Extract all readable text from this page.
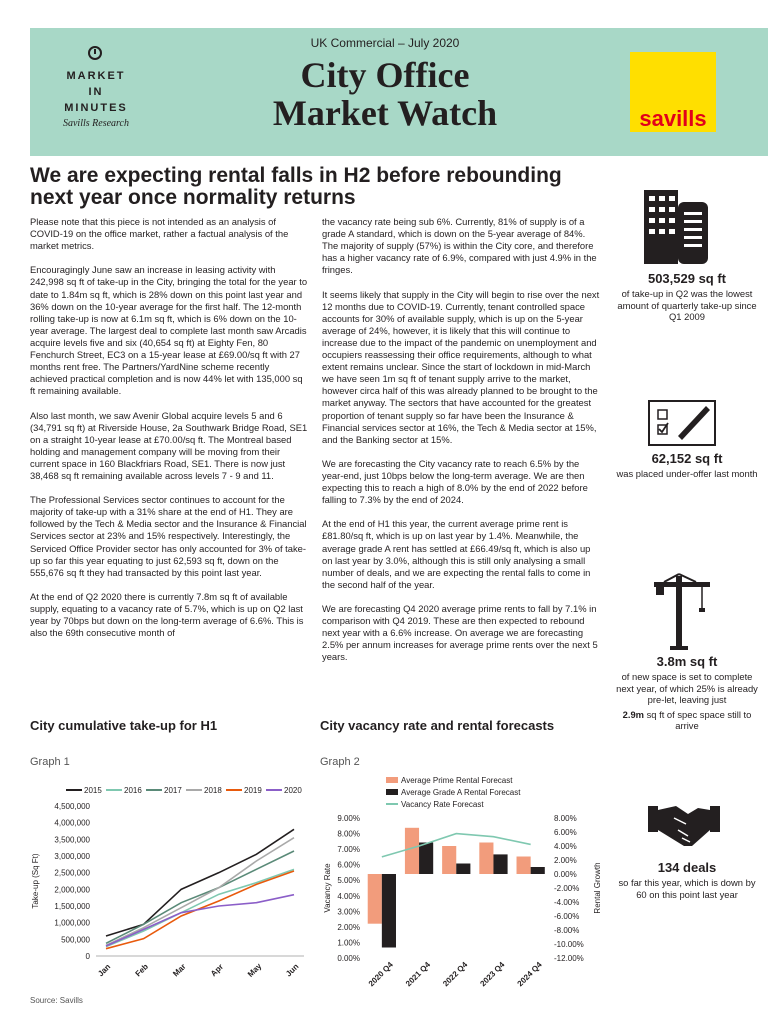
MARKET
IN
MINUTES
Savills Research
UK Commercial – July 2020
City Office
Market Watch	savills
We are expecting rental falls in H2 before rebounding next year once normality returns

Please note that this piece is not intended as an analysis of COVID-19 on the office market, rather a factual analysis of the market metrics.

Encouragingly June saw an increase in leasing activity with 242,998 sq ft of take-up in the City, bringing the total for the year to date to 1.84m sq ft, which is 28% down on this point last year and 36% down on the 10-year average for the first half. The 12-month rolling take-up is now at 6.1m sq ft, which is 6% down on the 10-year average. The largest deal to complete last month saw Arcadis acquire levels five and six (40,654 sq ft) at Eighty Fen, 80 Fenchurch Street, EC3 on a 15-year lease at £69.00/sq ft with 27 months rent free. The Partners/YardNine scheme recently achieved practical completion and is now 44% let with 135,000 sq ft remaining available.

Also last month, we saw Avenir Global acquire levels 5 and 6 (34,791 sq ft) at Riverside House, 2a Southwark Bridge Road, SE1 on a straight 10-year lease at £70.00/sq ft. The Montreal based holding and management company will be moving from their current space in 160 Blackfriars Road, SE1. There is now just 38,468 sq ft remaining available across levels 7 - 9 and 11.

The Professional Services sector continues to account for the majority of take-up with a 31% share at the end of H1. They are followed by the Tech & Media sector and the Insurance & Financial Services sector at 23% and 15% respectively. Interestingly, the Serviced Office Provider sector has only accounted for 3% of take-up so far this year equating to just 62,593 sq ft, down on the 555,676 sq ft they had transacted by this point last year.

At the end of Q2 2020 there is currently 7.8m sq ft of available supply, equating to a vacancy rate of 5.7%, which is up on Q2 last year by 70bps but down on the long-term average of 6.6%. This is also the 69th consecutive month of

the vacancy rate being sub 6%. Currently, 81% of supply is of a grade A standard, which is down on the 5-year average of 84%. The majority of supply (57%) is within the City core, and therefore has a higher vacancy rate of 6.9%, compared with just 4.9% in the fringes.

It seems likely that supply in the City will begin to rise over the next 12 months due to COVID-19. Currently, tenant controlled space accounts for 30% of available supply, which is up on the 5-year average of 24%, however, it is likely that this will continue to increase due to the impact of the pandemic on unemployment and occupiers reassessing their office requirements, although to what extent remains unclear. Since the start of lockdown in mid-March we have seen 1m sq ft of tenant supply arrive to the market, however circa half of this was already planned to be brought to the market anyway. The sectors that have accounted for the greatest proportion of tenant supply so far have been the Insurance & Financial services sector at 16%, the Tech & Media sector at 15%, and the Banking sector at 15%.

We are forecasting the City vacancy rate to reach 6.5% by the year-end, just 10bps below the long-term average. We are then expecting this to reach a high of 8.0% by the end of 2022 before falling to 7.3% by the end of 2024.

At the end of H1 this year, the current average prime rent is £81.80/sq ft, which is up on last year by 1.4%. Meanwhile, the average grade A rent has settled at £66.49/sq ft, which is also up on last year by 3.0%, although this is still only analysing a small number of deals, and we are expecting the rental falls to come in the second half of the year.

We are forecasting Q4 2020 average prime rents to fall by 7.1% in comparison with Q4 2019. These are then expected to rebound next year with a 6.6% increase. On average we are forecasting 2.5% per annum increases for average prime rents over the next 5 years.

503,529 sq ft
of take-up in Q2 was the lowest amount of quarterly take-up since Q1 2009
62,152 sq ft
was placed under-offer last month
3.8m sq ft
of new space is set to complete next year, of which 25% is already pre-let, leaving just
2.9m sq ft of spec space still to arrive
134 deals
so far this year, which is down by 60 on this point last year
City cumulative take-up for H1	City vacancy rate and rental forecasts
Graph 1	Graph 2
2015	2016	2017	2018	2019	2020
0
500,000
1,000,000
1,500,000
2,000,000
2,500,000
3,000,000
3,500,000
4,000,000
4,500,000
Take-up (Sq Ft)
Jan	Feb	Mar	Apr	May	Jun
Average Prime Rental Forecast
Average Grade A Rental Forecast
Vacancy Rate Forecast
0.00%
1.00%
2.00%
3.00%
4.00%
5.00%
6.00%
7.00%
8.00%
9.00%
-12.00%
-10.00%
-8.00%
-6.00%
-4.00%
-2.00%
0.00%
2.00%
4.00%
6.00%
8.00%
Vacancy Rate	Rental Growth
2020 Q4 2021 Q4 2022 Q4 2023 Q4 2024 Q4
Source: Savills
